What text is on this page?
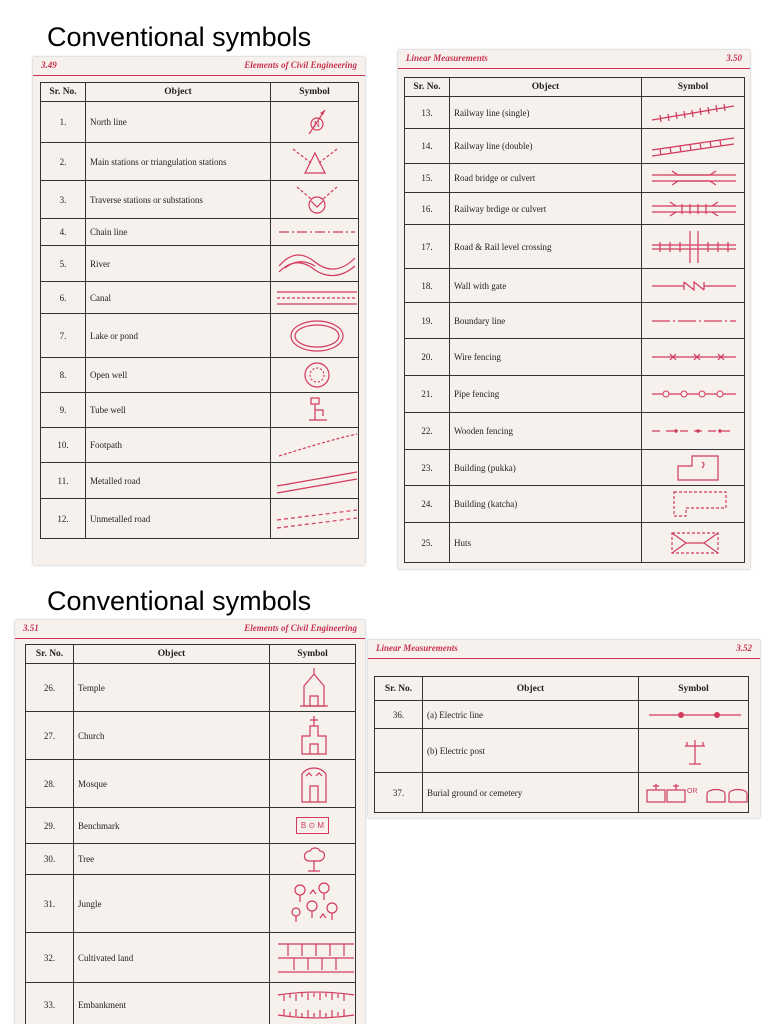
Conventional symbols
Conventional symbols
3.49	Elements of Civil Engineering
Sr. No.	Object	Symbol
1.	North line	N

2.	Main stations or triangulation stations	

3.	Traverse stations or substations	

4.	Chain line	

5.	River	

6.	Canal	

7.	Lake or pond	

8.	Open well	

9.	Tube well	

10.	Footpath	

11.	Metalled road	

12.	Unmetalled road	
Linear Measurements	3.50
Sr. No.	Object	Symbol
13.	Railway line (single)	

14.	Railway line (double)	

15.	Road bridge or culvert	

16.	Railway brdige or culvert	

17.	Road & Rail level crossing	

18.	Wall with gate	

19.	Boundary line	

20.	Wire fencing	

21.	Pipe fencing	

22.	Wooden fencing	

23.	Building (pukka)	

24.	Building (katcha)	

25.	Huts	
3.51	Elements of Civil Engineering
Sr. No.	Object	Symbol
26.	Temple	

27.	Church	

28.	Mosque	

29.	Benchmark	B ⊙ M
30.	Tree	

31.	Jungle	

32.	Cultivated land	

33.	Embankment	
Linear Measurements	3.52
Sr. No.	Object	Symbol
36.	(a) Electric line	

	(b) Electric post	

37.	Burial ground or cemetery	OR
